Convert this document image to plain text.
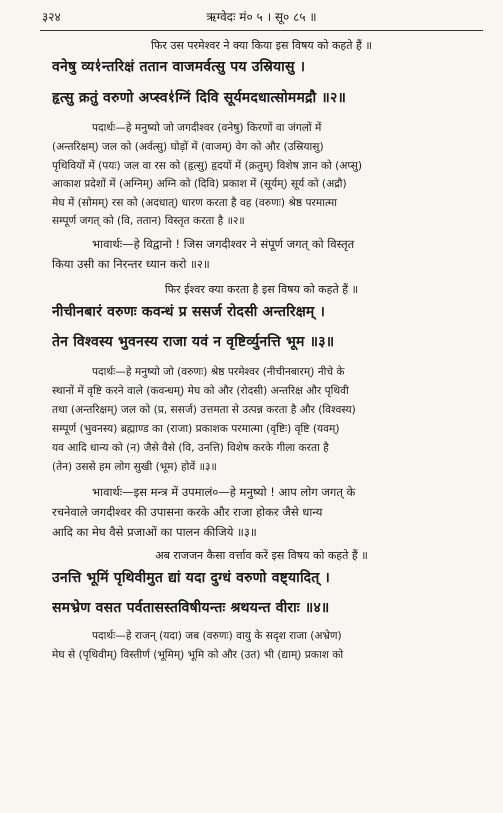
३२४	ऋग्वेदः मं० ५ । सू० ८५ ॥
फिर उस परमेश्वर ने क्या किया इस विषय को कहते हैं ॥
वनेषु व्य१॑न्तरिक्षं ततान वाजमर्वत्सु पय उस्रियासु ।
हृत्सु क्रतुं वरुणो अप्स्व१॑ग्निं दिवि सूर्यमदधात्सोममद्रौ ॥२॥
पदार्थः—हे मनुष्यो जो जगदीश्वर (वनेषु) किरणों वा जंगलों में
(अन्तरिक्षम्) जल को (अर्वत्सु) घोड़ों में (वाजम्) वेग को और (उस्रियासु)
पृथिवियों में (पयः) जल वा रस को (हृत्सु) हृदयों में (क्रतुम्) विशेष ज्ञान को (अप्सु)
आकाश प्रदेशों में (अग्निम्) अग्नि को (दिवि) प्रकाश में (सूर्यम्) सूर्य को (अद्रौ)
मेघ में (सोमम्) रस को (अदधात्) धारण करता है वह (वरुणः) श्रेष्ठ परमात्मा
सम्पूर्ण जगत् को (वि, ततान) विस्तृत करता है ॥२॥
भावार्थः—हे विद्वानो ! जिस जगदीश्वर ने संपूर्ण जगत् को विस्तृत
किया उसी का निरन्तर ध्यान करो ॥२॥
फिर ईश्वर क्या करता है इस विषय को कहते हैं ॥
नीचीनबारं वरुणः कवन्धं प्र ससर्ज रोदसी अन्तरिक्षम् ।
तेन विश्वस्य भुवनस्य राजा यवं न वृष्टिर्व्युनत्ति भूम ॥३॥
पदार्थः—हे मनुष्यो जो (वरुणः) श्रेष्ठ परमेश्वर (नीचीनबारम्) नीचे के
स्थानों में वृष्टि करने वाले (कवन्धम्) मेघ को और (रोदसी) अन्तरिक्ष और पृथिवी
तथा (अन्तरिक्षम्) जल को (प्र, ससर्ज) उत्तमता से उत्पन्न करता है और (विश्वस्य)
सम्पूर्ण (भुवनस्य) ब्रह्माण्ड का (राजा) प्रकाशक परमात्मा (वृष्टिः) वृष्टि (यवम्)
यव आदि धान्य को (न) जैसे वैसे (वि, उनत्ति) विशेष करके गीला करता है
(तेन) उससे हम लोग सुखी (भूम) होवें ॥३॥
भावार्थः—इस मन्त्र में उपमालं०—हे मनुष्यो ! आप लोग जगत् के
रचनेवाले जगदीश्वर की उपासना करके और राजा होकर जैसे धान्य
आदि का मेघ वैसे प्रजाओं का पालन कीजिये ॥३॥
अब राजजन कैसा वर्त्ताव करें इस विषय को कहते हैं ॥
उनत्ति भूमिं पृथिवीमुत द्यां यदा दुग्धं वरुणो वष्ट्यादित् ।
समभ्रेण वसत पर्वतासस्तविषीयन्तः श्रथयन्त वीराः ॥४॥
पदार्थः—हे राजन् (यदा) जब (वरुणः) वायु के सदृश राजा (अभ्रेण)
मेघ से (पृथिवीम्) विस्तीर्ण (भूमिम्) भूमि को और (उत) भी (द्याम्) प्रकाश को
